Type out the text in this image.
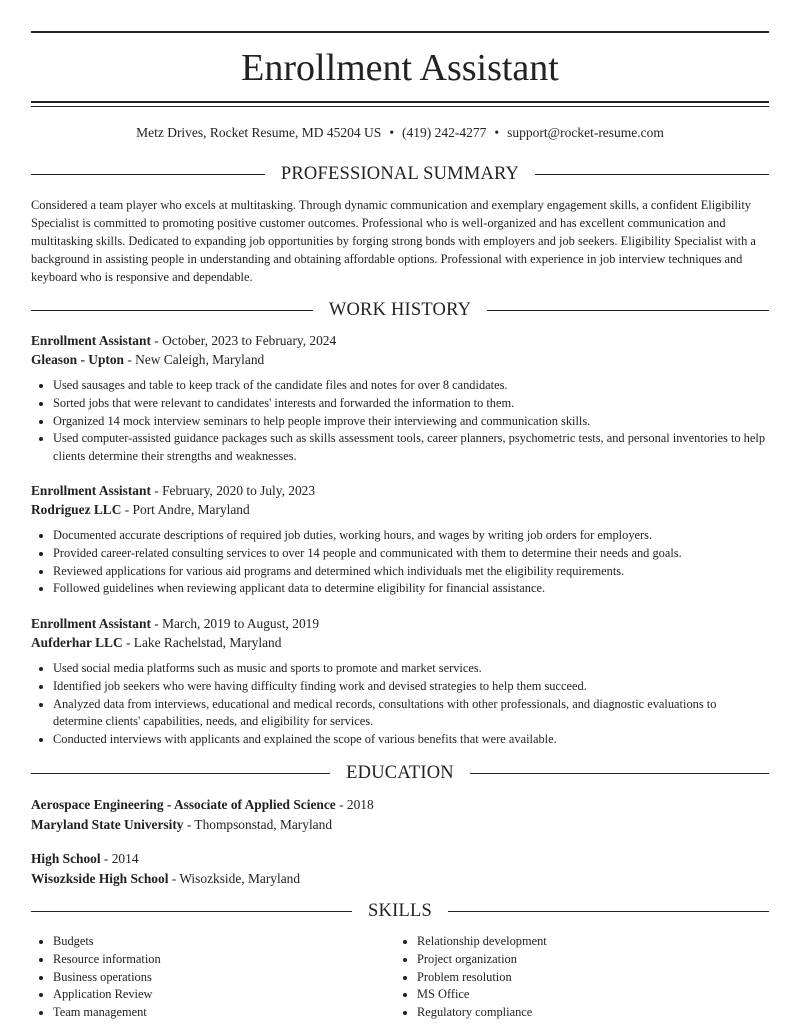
Enrollment Assistant
Metz Drives, Rocket Resume, MD 45204 US • (419) 242-4277 • support@rocket-resume.com
PROFESSIONAL SUMMARY
Considered a team player who excels at multitasking. Through dynamic communication and exemplary engagement skills, a confident Eligibility Specialist is committed to promoting positive customer outcomes. Professional who is well-organized and has excellent communication and multitasking skills. Dedicated to expanding job opportunities by forging strong bonds with employers and job seekers. Eligibility Specialist with a background in assisting people in understanding and obtaining affordable options. Professional with experience in job interview techniques and keyboard who is responsive and dependable.
WORK HISTORY
Enrollment Assistant - October, 2023 to February, 2024
Gleason - Upton - New Caleigh, Maryland
• Used sausages and table to keep track of the candidate files and notes for over 8 candidates.
• Sorted jobs that were relevant to candidates' interests and forwarded the information to them.
• Organized 14 mock interview seminars to help people improve their interviewing and communication skills.
• Used computer-assisted guidance packages such as skills assessment tools, career planners, psychometric tests, and personal inventories to help clients determine their strengths and weaknesses.
Enrollment Assistant - February, 2020 to July, 2023
Rodriguez LLC - Port Andre, Maryland
• Documented accurate descriptions of required job duties, working hours, and wages by writing job orders for employers.
• Provided career-related consulting services to over 14 people and communicated with them to determine their needs and goals.
• Reviewed applications for various aid programs and determined which individuals met the eligibility requirements.
• Followed guidelines when reviewing applicant data to determine eligibility for financial assistance.
Enrollment Assistant - March, 2019 to August, 2019
Aufderhar LLC - Lake Rachelstad, Maryland
• Used social media platforms such as music and sports to promote and market services.
• Identified job seekers who were having difficulty finding work and devised strategies to help them succeed.
• Analyzed data from interviews, educational and medical records, consultations with other professionals, and diagnostic evaluations to determine clients' capabilities, needs, and eligibility for services.
• Conducted interviews with applicants and explained the scope of various benefits that were available.
EDUCATION
Aerospace Engineering - Associate of Applied Science - 2018
Maryland State University - Thompsonstad, Maryland
High School - 2014
Wisozkside High School - Wisozkside, Maryland
SKILLS
• Budgets
• Resource information
• Business operations
• Application Review
• Team management
• Relationship development
• Project organization
• Problem resolution
• MS Office
• Regulatory compliance
